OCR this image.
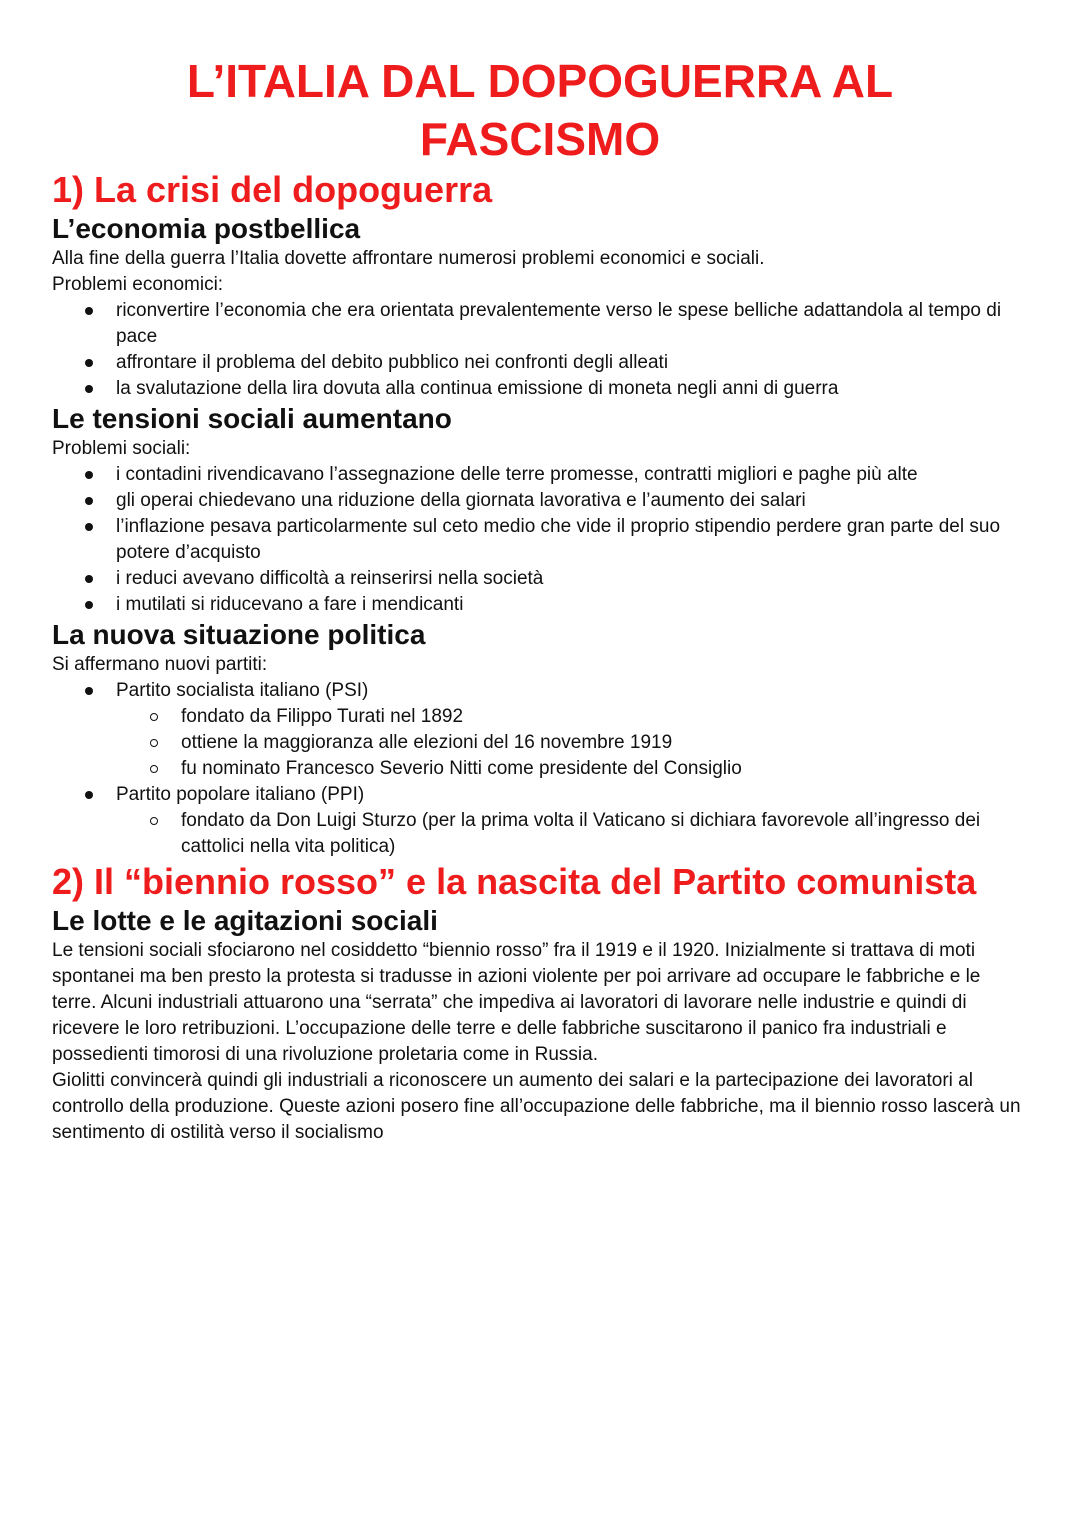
L’ITALIA DAL DOPOGUERRA AL
FASCISMO
1) La crisi del dopoguerra
L’economia postbellica

Alla fine della guerra l’Italia dovette affrontare numerosi problemi economici e sociali.

Problemi economici:

riconvertire l’economia che era orientata prevalentemente verso le spese belliche adattandola al tempo di pace
affrontare il problema del debito pubblico nei confronti degli alleati
la svalutazione della lira dovuta alla continua emissione di moneta negli anni di guerra
Le tensioni sociali aumentano

Problemi sociali:

i contadini rivendicavano l’assegnazione delle terre promesse, contratti migliori e paghe più alte
gli operai chiedevano una riduzione della giornata lavorativa e l’aumento dei salari
l’inflazione pesava particolarmente sul ceto medio che vide il proprio stipendio perdere gran parte del suo potere d’acquisto
i reduci avevano difficoltà a reinserirsi nella società
i mutilati si riducevano a fare i mendicanti
La nuova situazione politica

Si affermano nuovi partiti:

Partito socialista italiano (PSI)
fondato da Filippo Turati nel 1892
ottiene la maggioranza alle elezioni del 16 novembre 1919
fu nominato Francesco Severio Nitti come presidente del Consiglio
Partito popolare italiano (PPI)
fondato da Don Luigi Sturzo (per la prima volta il Vaticano si dichiara favorevole all’ingresso dei cattolici nella vita politica)
2) Il “biennio rosso” e la nascita del Partito comunista
Le lotte e le agitazioni sociali

Le tensioni sociali sfociarono nel cosiddetto “biennio rosso” fra il 1919 e il 1920. Inizialmente si trattava di moti spontanei ma ben presto la protesta si tradusse in azioni violente per poi arrivare ad occupare le fabbriche e le terre. Alcuni industriali attuarono una “serrata” che impediva ai lavoratori di lavorare nelle industrie e quindi di ricevere le loro retribuzioni. L’occupazione delle terre e delle fabbriche suscitarono il panico fra industriali e possedienti timorosi di una rivoluzione proletaria come in Russia.

Giolitti convincerà quindi gli industriali a riconoscere un aumento dei salari e la partecipazione dei lavoratori al controllo della produzione. Queste azioni posero fine all’occupazione delle fabbriche, ma il biennio rosso lascerà un sentimento di ostilità verso il socialismo
